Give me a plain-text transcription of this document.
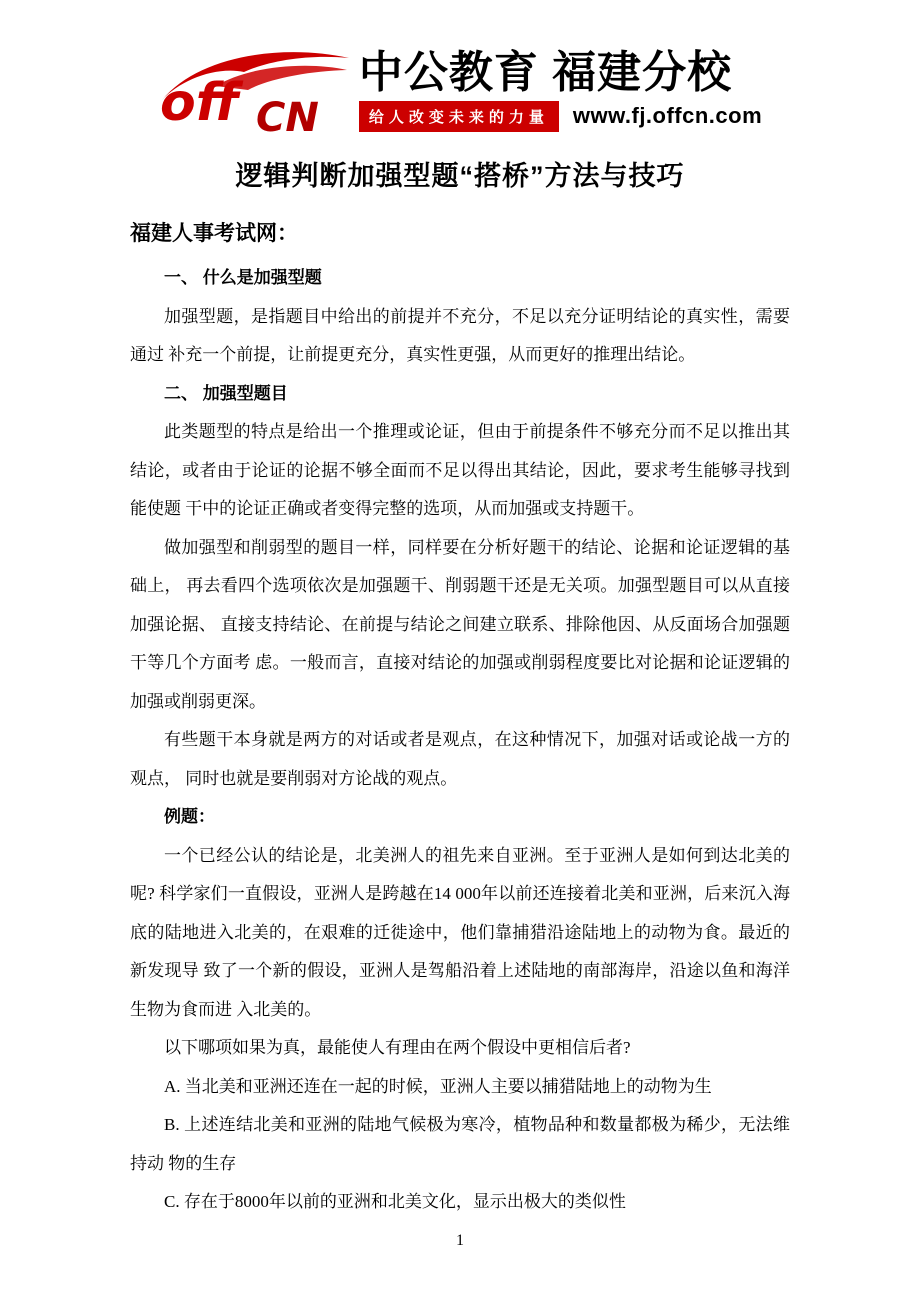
off CN
中公教育 福建分校
给人改变未来的力量	www.fj.offcn.com
逻辑判断加强型题“搭桥”方法与技巧
福建人事考试网：
一、 什么是加强型题

加强型题，是指题目中给出的前提并不充分，不足以充分证明结论的真实性，需要通过 补充一个前提，让前提更充分，真实性更强，从而更好的推理出结论。

二、 加强型题目

此类题型的特点是给出一个推理或论证，但由于前提条件不够充分而不足以推出其结论，或者由于论证的论据不够全面而不足以得出其结论，因此，要求考生能够寻找到能使题 干中的论证正确或者变得完整的选项，从而加强或支持题干。

做加强型和削弱型的题目一样，同样要在分析好题干的结论、论据和论证逻辑的基础上， 再去看四个选项依次是加强题干、削弱题干还是无关项。加强型题目可以从直接加强论据、 直接支持结论、在前提与结论之间建立联系、排除他因、从反面场合加强题干等几个方面考 虑。一般而言，直接对结论的加强或削弱程度要比对论据和论证逻辑的加强或削弱更深。

有些题干本身就是两方的对话或者是观点，在这种情况下，加强对话或论战一方的观点， 同时也就是要削弱对方论战的观点。

例题：

一个已经公认的结论是，北美洲人的祖先来自亚洲。至于亚洲人是如何到达北美的呢? 科学家们一直假设，亚洲人是跨越在14 000年以前还连接着北美和亚洲，后来沉入海底的陆地进入北美的，在艰难的迁徙途中，他们靠捕猎沿途陆地上的动物为食。最近的新发现导 致了一个新的假设，亚洲人是驾船沿着上述陆地的南部海岸，沿途以鱼和海洋生物为食而进 入北美的。

以下哪项如果为真，最能使人有理由在两个假设中更相信后者?

A. 当北美和亚洲还连在一起的时候，亚洲人主要以捕猎陆地上的动物为生

B. 上述连结北美和亚洲的陆地气候极为寒冷，植物品种和数量都极为稀少，无法维持动 物的生存

C. 存在于8000年以前的亚洲和北美文化，显示出极大的类似性

1
